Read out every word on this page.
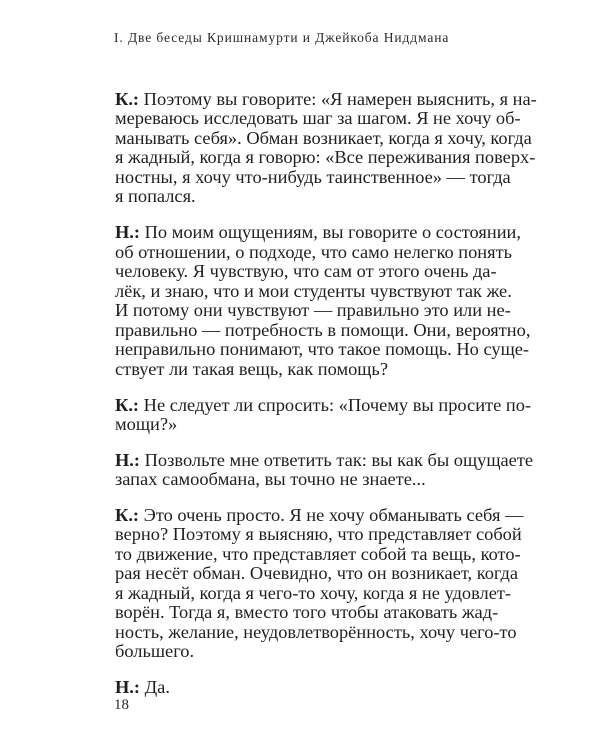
I. Две беседы Кришнамурти и Джейкоба Ниддмана
К.: Поэтому вы говорите: «Я намерен выяснить, я на-
мереваюсь исследовать шаг за шагом. Я не хочу об-
манывать себя». Обман возникает, когда я хочу, когда
я жадный, когда я говорю: «Все переживания поверх-
ностны, я хочу что-нибудь таинственное» — тогда
я попался.
Н.: По моим ощущениям, вы говорите о состоянии,
об отношении, о подходе, что само нелегко понять
человеку. Я чувствую, что сам от этого очень да-
лёк, и знаю, что и мои студенты чувствуют так же.
И потому они чувствуют — правильно это или не-
правильно — потребность в помощи. Они, вероятно,
неправильно понимают, что такое помощь. Но суще-
ствует ли такая вещь, как помощь?
К.: Не следует ли спросить: «Почему вы просите по-
мощи?»
Н.: Позвольте мне ответить так: вы как бы ощущаете
запах самообмана, вы точно не знаете...
К.: Это очень просто. Я не хочу обманывать себя —
верно? Поэтому я выясняю, что представляет собой
то движение, что представляет собой та вещь, кото-
рая несёт обман. Очевидно, что он возникает, когда
я жадный, когда я чего-то хочу, когда я не удовлет-
ворён. Тогда я, вместо того чтобы атаковать жад-
ность, желание, неудовлетворённость, хочу чего-то
большего.
Н.: Да.
18
